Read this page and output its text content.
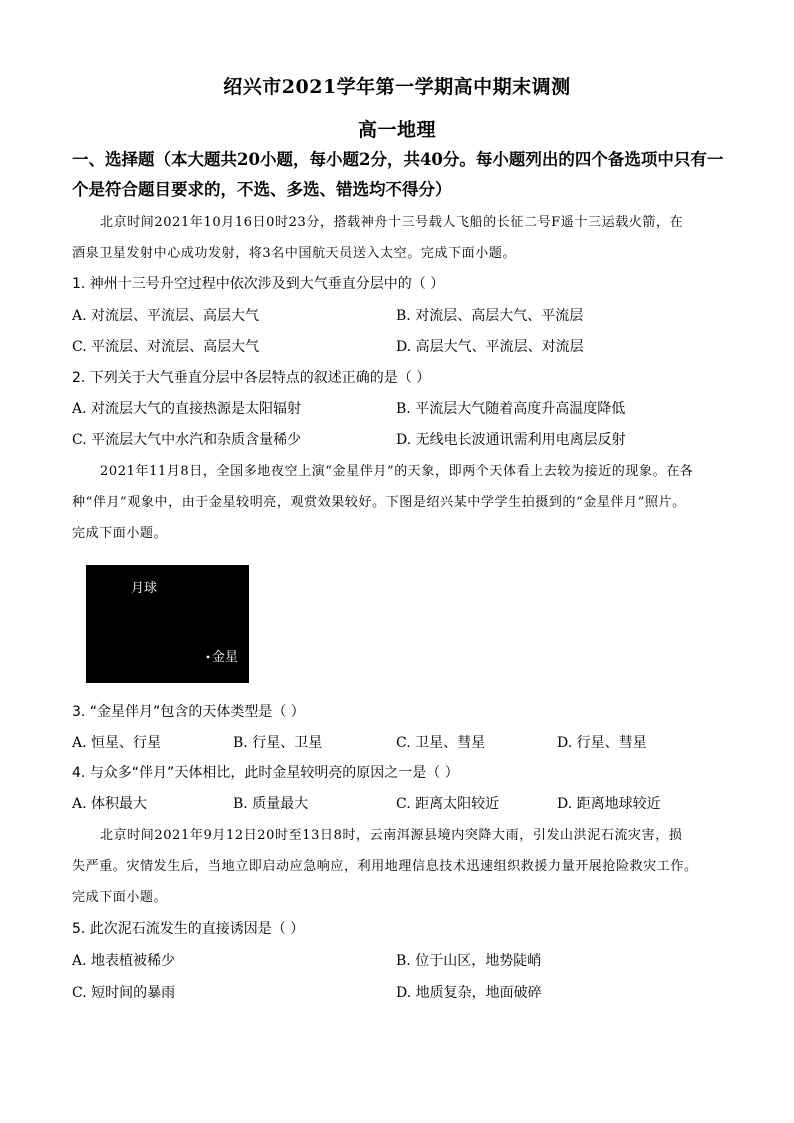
绍兴市2021学年第一学期高中期末调测
高一地理
一、选择题（本大题共20小题，每小题2分，共40分。每小题列出的四个备选项中只有一
个是符合题目要求的，不选、多选、错选均不得分）
北京时间2021年10月16日0时23分，搭载神舟十三号载人飞船的长征二号F遥十三运载火箭，在
酒泉卫星发射中心成功发射，将3名中国航天员送入太空。完成下面小题。
1. 神州十三号升空过程中依次涉及到大气垂直分层中的（ ）
A. 对流层、平流层、高层大气	B. 对流层、高层大气、平流层
C. 平流层、对流层、高层大气	D. 高层大气、平流层、对流层
2. 下列关于大气垂直分层中各层特点的叙述正确的是（ ）
A. 对流层大气的直接热源是太阳辐射	B. 平流层大气随着高度升高温度降低
C. 平流层大气中水汽和杂质含量稀少	D. 无线电长波通讯需利用电离层反射
2021年11月8日，全国多地夜空上演“金星伴月”的天象，即两个天体看上去较为接近的现象。在各
种“伴月”观象中，由于金星较明亮，观赏效果较好。下图是绍兴某中学学生拍摄到的“金星伴月”照片。
完成下面小题。
月球
金星
3. “金星伴月”包含的天体类型是（ ）
A. 恒星、行星	B. 行星、卫星	C. 卫星、彗星	D. 行星、彗星
4. 与众多“伴月”天体相比，此时金星较明亮的原因之一是（ ）
A. 体积最大	B. 质量最大	C. 距离太阳较近	D. 距离地球较近
北京时间2021年9月12日20时至13日8时，云南洱源县境内突降大雨，引发山洪泥石流灾害，损
失严重。灾情发生后，当地立即启动应急响应，利用地理信息技术迅速组织救援力量开展抢险救灾工作。
完成下面小题。
5. 此次泥石流发生的直接诱因是（ ）
A. 地表植被稀少	B. 位于山区，地势陡峭
C. 短时间的暴雨	D. 地质复杂，地面破碎
